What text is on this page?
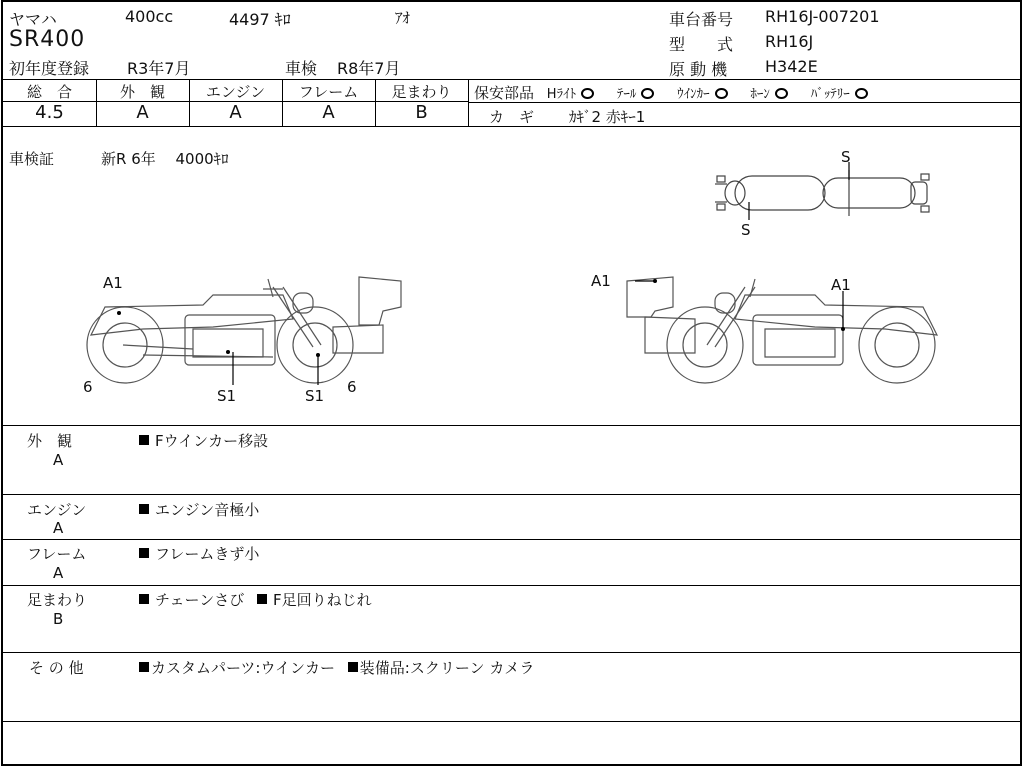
ヤマハ	400cc	4497 ｷﾛ	ｱｵ
SR400
初年度登録 R3年7月	車検 R8年7月
車台番号 RH16J-007201
型　　式 RH16J
原 動 機 H342E
総　合	外　観	エンジン	フレーム	足まわり
4.5	A	A	A	B
保安部品 Hﾗｲﾄ	ﾃｰﾙ	ｳｲﾝｶｰ	ﾎｰﾝ	ﾊﾞｯﾃﾘｰ
カ　ギ ｶｷﾞ2 赤ｷｰ1
車検証	新R 6年　 4000ｷﾛ	S
S
A1
6	S1	S1 6
A1	A1
外　観
A
Fウインカー移設
エンジン
A
エンジン音極小
フレーム
A
フレームきず小
足まわり
B
チェーンさび F足回りねじれ
そ の 他	カスタムパーツ:ウインカー 装備品:スクリーン カメラ
